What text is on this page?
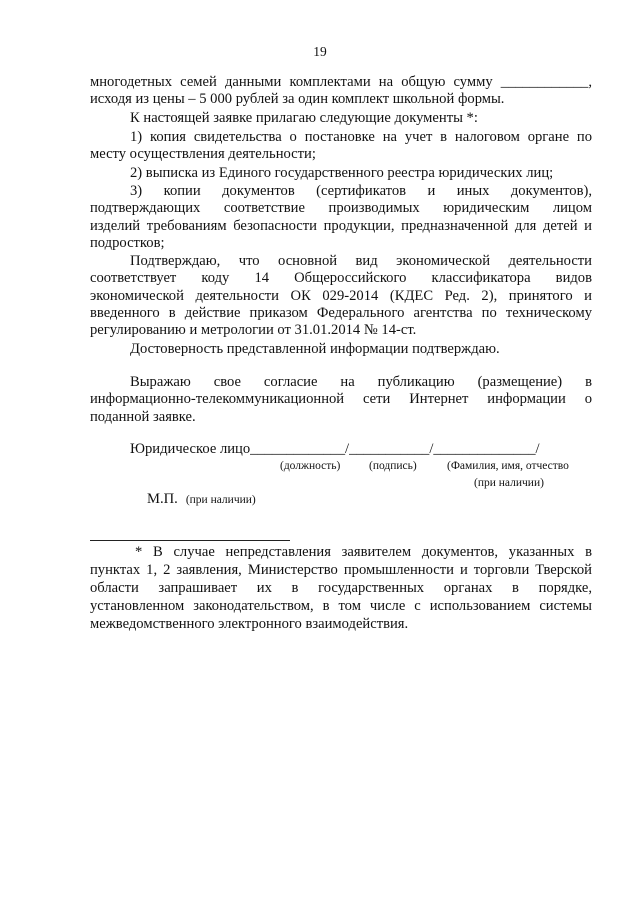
19
многодетных семей данными комплектами на общую сумму ____________,
исходя из цены – 5 000 рублей за один комплект школьной формы.
К настоящей заявке прилагаю следующие документы *:
1) копия свидетельства о постановке на учет в налоговом органе по
месту осуществления деятельности;
2) выписка из Единого государственного реестра юридических лиц;
3) копии документов (сертификатов и иных документов),
подтверждающих соответствие производимых юридическим лицом
изделий требованиям безопасности продукции, предназначенной для детей и
подростков;
Подтверждаю, что основной вид экономической деятельности
соответствует коду 14 Общероссийского классификатора видов
экономической деятельности ОК 029-2014 (КДЕС Ред. 2), принятого и
введенного в действие приказом Федерального агентства по техническому
регулированию и метрологии от 31.01.2014 № 14-ст.
Достоверность представленной информации подтверждаю.
Выражаю свое согласие на публикацию (размещение) в
информационно-телекоммуникационной сети Интернет информации о
поданной заявке.
Юридическое лицо_____________/___________/______________/
(должность) (подпись)	(Фамилия, имя, отчество
(при наличии)
М.П. (при наличии)
* В случае непредставления заявителем документов, указанных в
пунктах 1, 2 заявления, Министерство промышленности и торговли Тверской
области запрашивает их в государственных органах в порядке,
установленном законодательством, в том числе с использованием системы
межведомственного электронного взаимодействия.
